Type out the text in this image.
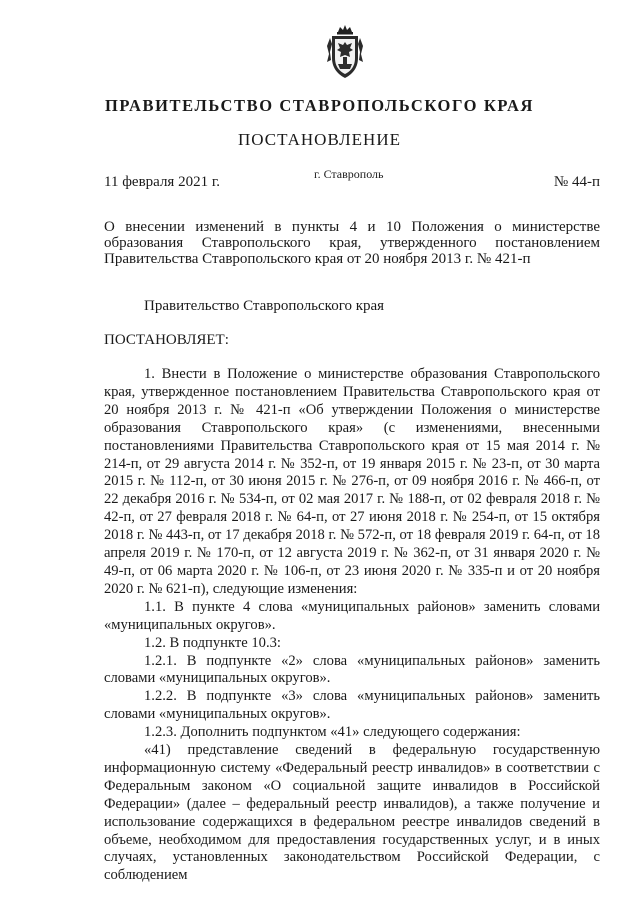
ПРАВИТЕЛЬСТВО СТАВРОПОЛЬСКОГО КРАЯ
ПОСТАНОВЛЕНИЕ
11 февраля 2021 г.	г. Ставрополь	№ 44-п
О внесении изменений в пункты 4 и 10 Положения о министерстве образования Ставропольского края, утвержденного постановлением Правительства Ставропольского края от 20 ноября 2013 г. № 421-п
Правительство Ставропольского края
ПОСТАНОВЛЯЕТ:

1. Внести в Положение о министерстве образования Ставропольского края, утвержденное постановлением Правительства Ставропольского края от 20 ноября 2013 г. № 421-п «Об утверждении Положения о министерстве образования Ставропольского края» (с изменениями, внесенными постановлениями Правительства Ставропольского края от 15 мая 2014 г. № 214-п, от 29 августа 2014 г. № 352-п, от 19 января 2015 г. № 23-п, от 30 марта 2015 г. № 112-п, от 30 июня 2015 г. № 276-п, от 09 ноября 2016 г. № 466-п, от 22 декабря 2016 г. № 534-п, от 02 мая 2017 г. № 188-п, от 02 февраля 2018 г. № 42-п, от 27 февраля 2018 г. № 64-п, от 27 июня 2018 г. № 254-п, от 15 октября 2018 г. № 443-п, от 17 декабря 2018 г. № 572-п, от 18 февраля 2019 г. 64-п, от 18 апреля 2019 г. № 170-п, от 12 августа 2019 г. № 362-п, от 31 января 2020 г. № 49-п, от 06 марта 2020 г. № 106-п, от 23 июня 2020 г. № 335-п и от 20 ноября 2020 г. № 621-п), следующие изменения:

1.1. В пункте 4 слова «муниципальных районов» заменить словами «муниципальных округов».

1.2. В подпункте 10.3:

1.2.1. В подпункте «2» слова «муниципальных районов» заменить словами «муниципальных округов».

1.2.2. В подпункте «3» слова «муниципальных районов» заменить словами «муниципальных округов».

1.2.3. Дополнить подпунктом «41» следующего содержания:

«41) представление сведений в федеральную государственную информационную систему «Федеральный реестр инвалидов» в соответствии с Федеральным законом «О социальной защите инвалидов в Российской Федерации» (далее – федеральный реестр инвалидов), а также получение и использование содержащихся в федеральном реестре инвалидов сведений в объеме, необходимом для предоставления государственных услуг, и в иных случаях, установленных законодательством Российской Федерации, с соблюдением
